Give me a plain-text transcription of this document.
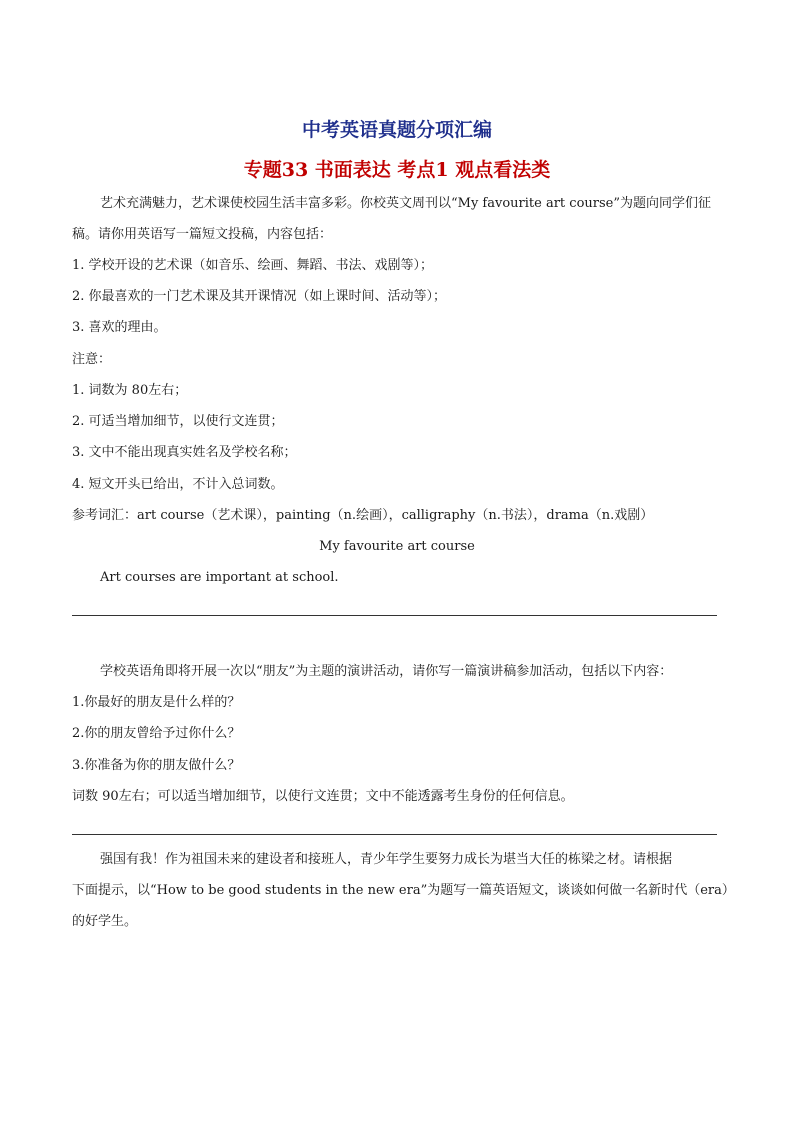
中考英语真题分项汇编
专题33 书面表达 考点1 观点看法类

艺术充满魅力，艺术课使校园生活丰富多彩。你校英文周刊以“My favourite art course”为题向同学们征

稿。请你用英语写一篇短文投稿，内容包括：

1. 学校开设的艺术课（如音乐、绘画、舞蹈、书法、戏剧等）；

2. 你最喜欢的一门艺术课及其开课情况（如上课时间、活动等）；

3. 喜欢的理由。

注意：

1. 词数为 80左右；

2. 可适当增加细节，以使行文连贯；

3. 文中不能出现真实姓名及学校名称；

4. 短文开头已给出，不计入总词数。

参考词汇：art course（艺术课），painting（n.绘画），calligraphy（n.书法），drama（n.戏剧）

My favourite art course

Art courses are important at school.

学校英语角即将开展一次以“朋友”为主题的演讲活动，请你写一篇演讲稿参加活动，包括以下内容：

1.你最好的朋友是什么样的？

2.你的朋友曾给予过你什么？

3.你准备为你的朋友做什么？

词数 90左右；可以适当增加细节，以使行文连贯；文中不能透露考生身份的任何信息。

强国有我！作为祖国未来的建设者和接班人，青少年学生要努力成长为堪当大任的栋梁之材。请根据

下面提示，以“How to be good students in the new era”为题写一篇英语短文，谈谈如何做一名新时代（era）

的好学生。
